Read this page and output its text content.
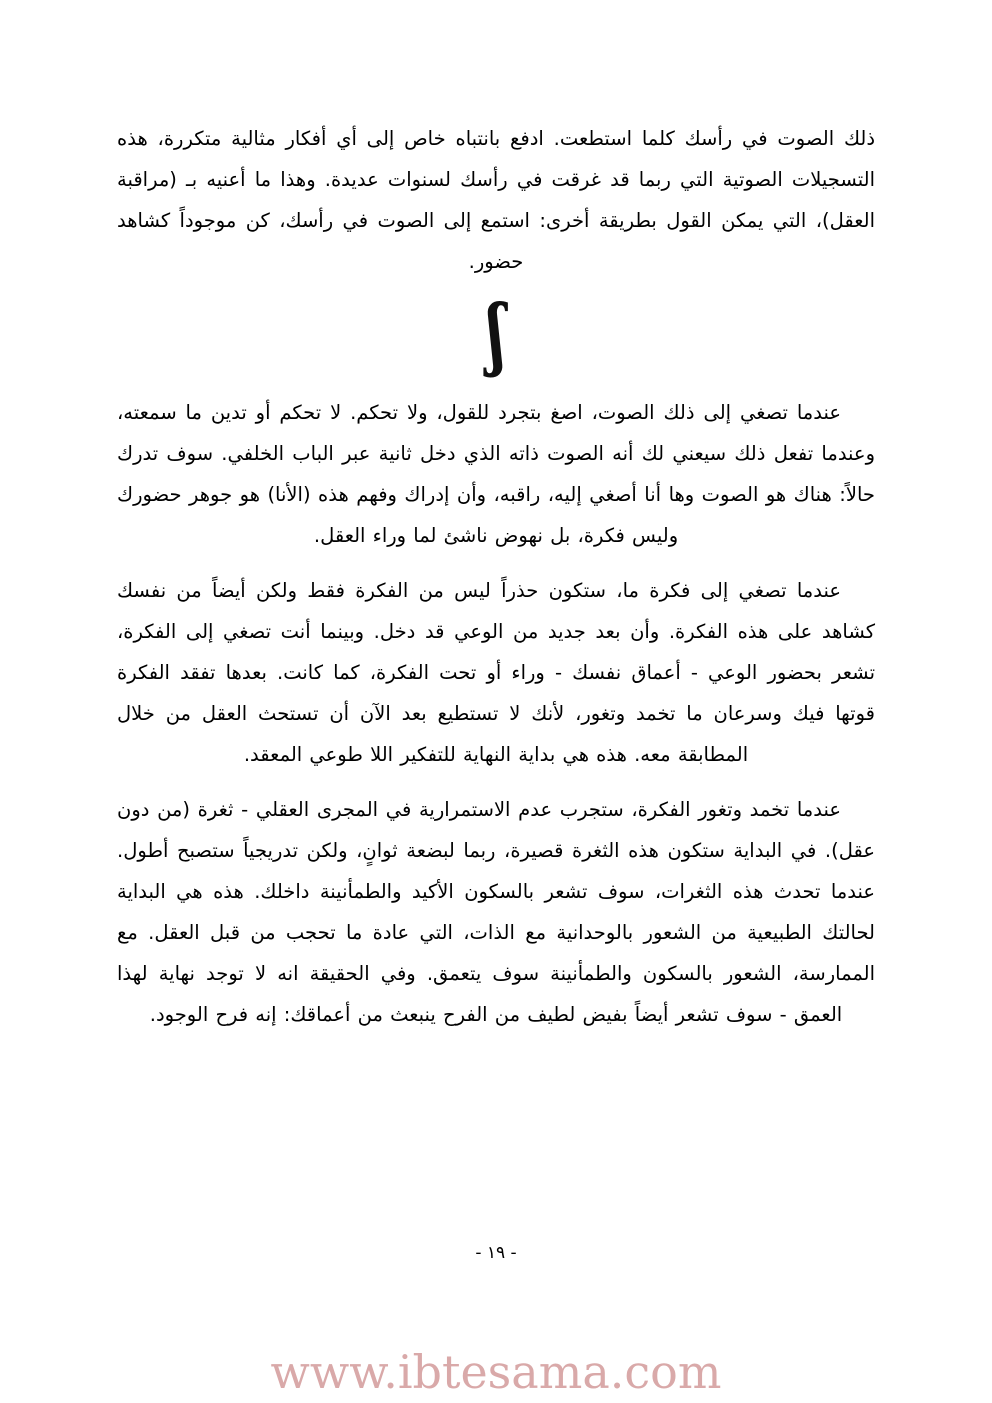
ذلك الصوت في رأسك كلما استطعت. ادفع بانتباه خاص إلى أي أفكار مثالية متكررة، هذه التسجيلات الصوتية التي ربما قد غرقت في رأسك لسنوات عديدة. وهذا ما أعنيه بـ (مراقبة العقل)، التي يمكن القول بطريقة أخرى: استمع إلى الصوت في رأسك، كن موجوداً كشاهد حضور.

ʃ

عندما تصغي إلى ذلك الصوت، اصغ بتجرد للقول، ولا تحكم. لا تحكم أو تدين ما سمعته، وعندما تفعل ذلك سيعني لك أنه الصوت ذاته الذي دخل ثانية عبر الباب الخلفي. سوف تدرك حالاً: هناك هو الصوت وها أنا أصغي إليه، راقبه، وأن إدراك وفهم هذه (الأنا) هو جوهر حضورك وليس فكرة، بل نهوض ناشئ لما وراء العقل.

عندما تصغي إلى فكرة ما، ستكون حذراً ليس من الفكرة فقط ولكن أيضاً من نفسك كشاهد على هذه الفكرة. وأن بعد جديد من الوعي قد دخل. وبينما أنت تصغي إلى الفكرة، تشعر بحضور الوعي - أعماق نفسك - وراء أو تحت الفكرة، كما كانت. بعدها تفقد الفكرة قوتها فيك وسرعان ما تخمد وتغور، لأنك لا تستطيع بعد الآن أن تستحث العقل من خلال المطابقة معه. هذه هي بداية النهاية للتفكير اللا طوعي المعقد.

عندما تخمد وتغور الفكرة، ستجرب عدم الاستمرارية في المجرى العقلي - ثغرة (من دون عقل). في البداية ستكون هذه الثغرة قصيرة، ربما لبضعة ثوانٍ، ولكن تدريجياً ستصبح أطول. عندما تحدث هذه الثغرات، سوف تشعر بالسكون الأكيد والطمأنينة داخلك. هذه هي البداية لحالتك الطبيعية من الشعور بالوحدانية مع الذات، التي عادة ما تحجب من قبل العقل. مع الممارسة، الشعور بالسكون والطمأنينة سوف يتعمق. وفي الحقيقة انه لا توجد نهاية لهذا العمق - سوف تشعر أيضاً بفيض لطيف من الفرح ينبعث من أعماقك: إنه فرح الوجود.

- ١٩ -
www.ibtesama.com
